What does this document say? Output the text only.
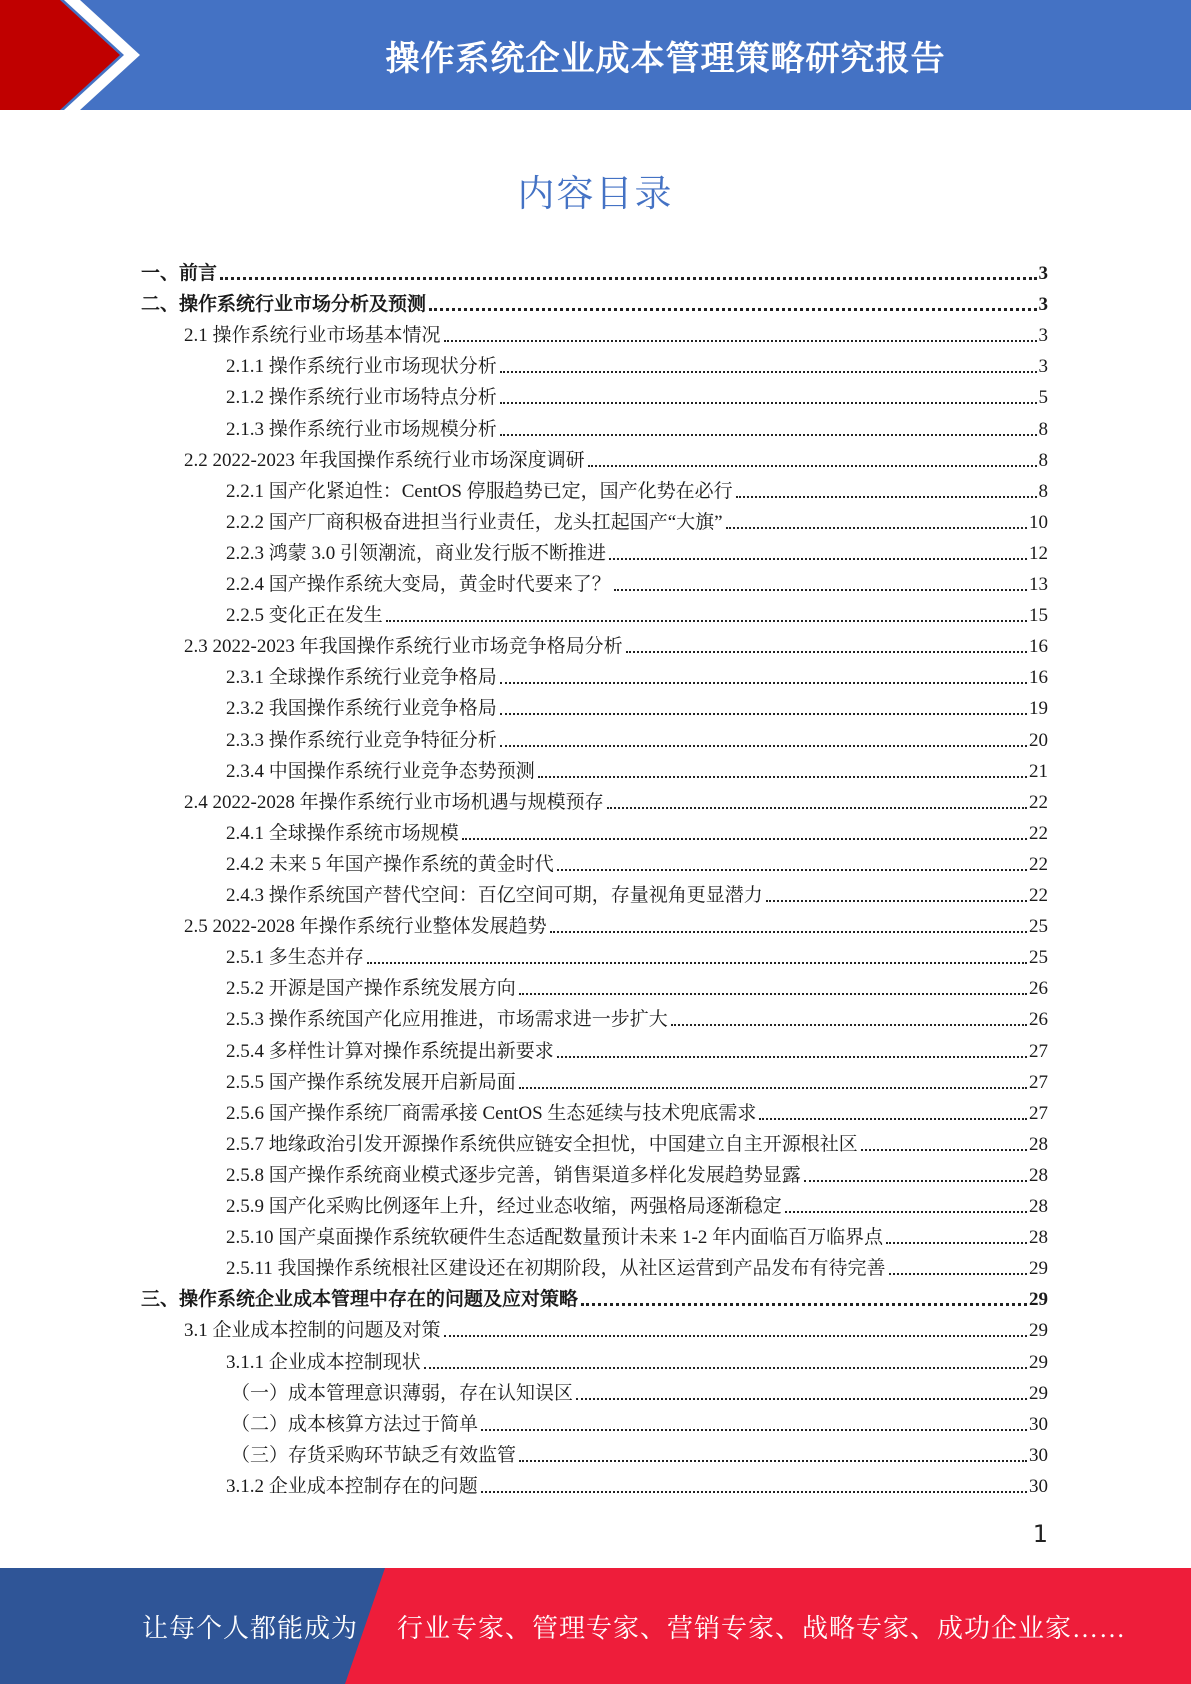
操作系统企业成本管理策略研究报告
内容目录
一、前言	3
二、操作系统行业市场分析及预测	3
2.1 操作系统行业市场基本情况	3
2.1.1 操作系统行业市场现状分析	3
2.1.2 操作系统行业市场特点分析	5
2.1.3 操作系统行业市场规模分析	8
2.2 2022-2023 年我国操作系统行业市场深度调研	8
2.2.1 国产化紧迫性：CentOS 停服趋势已定，国产化势在必行	8
2.2.2 国产厂商积极奋进担当行业责任，龙头扛起国产“大旗”	10
2.2.3 鸿蒙 3.0 引领潮流，商业发行版不断推进	12
2.2.4 国产操作系统大变局，黄金时代要来了？	13
2.2.5 变化正在发生	15
2.3 2022-2023 年我国操作系统行业市场竞争格局分析	16
2.3.1 全球操作系统行业竞争格局	16
2.3.2 我国操作系统行业竞争格局	19
2.3.3 操作系统行业竞争特征分析	20
2.3.4 中国操作系统行业竞争态势预测	21
2.4 2022-2028 年操作系统行业市场机遇与规模预存	22
2.4.1 全球操作系统市场规模	22
2.4.2 未来 5 年国产操作系统的黄金时代	22
2.4.3 操作系统国产替代空间：百亿空间可期，存量视角更显潜力	22
2.5 2022-2028 年操作系统行业整体发展趋势	25
2.5.1 多生态并存	25
2.5.2 开源是国产操作系统发展方向	26
2.5.3 操作系统国产化应用推进，市场需求进一步扩大	26
2.5.4 多样性计算对操作系统提出新要求	27
2.5.5 国产操作系统发展开启新局面	27
2.5.6 国产操作系统厂商需承接 CentOS 生态延续与技术兜底需求	27
2.5.7 地缘政治引发开源操作系统供应链安全担忧，中国建立自主开源根社区	28
2.5.8 国产操作系统商业模式逐步完善，销售渠道多样化发展趋势显露	28
2.5.9 国产化采购比例逐年上升，经过业态收缩，两强格局逐渐稳定	28
2.5.10 国产桌面操作系统软硬件生态适配数量预计未来 1-2 年内面临百万临界点	28
2.5.11 我国操作系统根社区建设还在初期阶段，从社区运营到产品发布有待完善	29
三、操作系统企业成本管理中存在的问题及应对策略	29
3.1 企业成本控制的问题及对策	29
3.1.1 企业成本控制现状	29
（一）成本管理意识薄弱，存在认知误区	29
（二）成本核算方法过于简单	30
（三）存货采购环节缺乏有效监管	30
3.1.2 企业成本控制存在的问题	30
1
让每个人都能成为 行业专家、管理专家、营销专家、战略专家、成功企业家……
